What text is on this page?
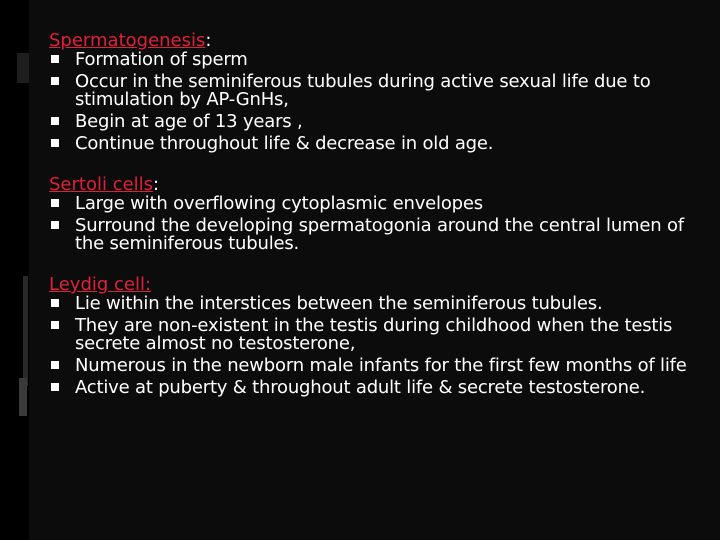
Spermatogenesis:
Formation of sperm
Occur in the seminiferous tubules during active sexual life due to stimulation by AP-GnHs,
Begin at age of 13 years ,
Continue throughout life & decrease in old age.
Sertoli cells:
Large with overflowing cytoplasmic envelopes
Surround the developing spermatogonia around the central lumen of the seminiferous tubules.
Leydig cell:
Lie within the interstices between the seminiferous tubules.
They are non-existent in the testis during childhood when the testis secrete almost no testosterone,
Numerous in the newborn male infants for the first few months of life
Active at puberty & throughout adult life & secrete testosterone.
